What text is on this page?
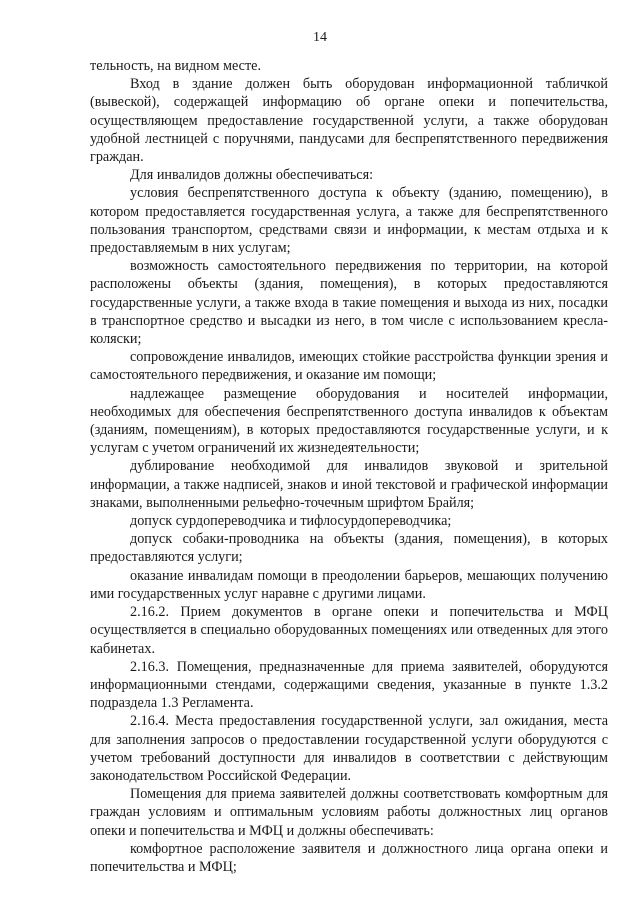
14

тельность, на видном месте.

Вход в здание должен быть оборудован информационной табличкой (вывеской), содержащей информацию об органе опеки и попечительства, осуществляющем предоставление государственной услуги, а также оборудован удобной лестницей с поручнями, пандусами для беспрепятственного передвижения граждан.

Для инвалидов должны обеспечиваться:

условия беспрепятственного доступа к объекту (зданию, помещению), в котором предоставляется государственная услуга, а также для беспрепятственного пользования транспортом, средствами связи и информации, к местам отдыха и к предоставляемым в них услугам;

возможность самостоятельного передвижения по территории, на которой расположены объекты (здания, помещения), в которых предоставляются государственные услуги, а также входа в такие помещения и выхода из них, посадки в транспортное средство и высадки из него, в том числе с использованием кресла-коляски;

сопровождение инвалидов, имеющих стойкие расстройства функции зрения и самостоятельного передвижения, и оказание им помощи;

надлежащее размещение оборудования и носителей информации, необходимых для обеспечения беспрепятственного доступа инвалидов к объектам (зданиям, помещениям), в которых предоставляются государственные услуги, и к услугам с учетом ограничений их жизнедеятельности;

дублирование необходимой для инвалидов звуковой и зрительной информации, а также надписей, знаков и иной текстовой и графической информации знаками, выполненными рельефно-точечным шрифтом Брайля;

допуск сурдопереводчика и тифлосурдопереводчика;

допуск собаки-проводника на объекты (здания, помещения), в которых предоставляются услуги;

оказание инвалидам помощи в преодолении барьеров, мешающих получению ими государственных услуг наравне с другими лицами.

2.16.2. Прием документов в органе опеки и попечительства и МФЦ осуществляется в специально оборудованных помещениях или отведенных для этого кабинетах.

2.16.3. Помещения, предназначенные для приема заявителей, оборудуются информационными стендами, содержащими сведения, указанные в пункте 1.3.2 подраздела 1.3 Регламента.

2.16.4. Места предоставления государственной услуги, зал ожидания, места для заполнения запросов о предоставлении государственной услуги оборудуются с учетом требований доступности для инвалидов в соответствии с действующим законодательством Российской Федерации.

Помещения для приема заявителей должны соответствовать комфортным для граждан условиям и оптимальным условиям работы должностных лиц органов опеки и попечительства и МФЦ и должны обеспечивать:

комфортное расположение заявителя и должностного лица органа опеки и попечительства и МФЦ;
